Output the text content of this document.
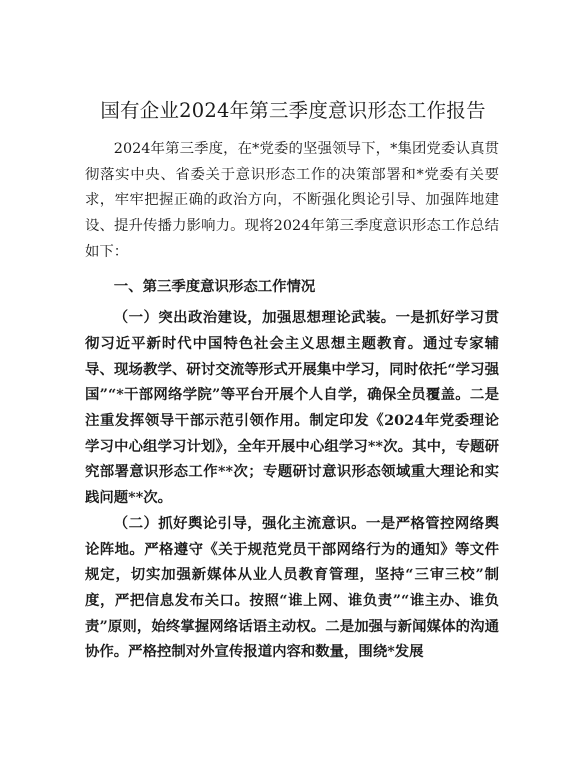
国有企业2024年第三季度意识形态工作报告

2024年第三季度，在*党委的坚强领导下，*集团党委认真贯彻落实中央、省委关于意识形态工作的决策部署和*党委有关要求，牢牢把握正确的政治方向，不断强化舆论引导、加强阵地建设、提升传播力影响力。现将2024年第三季度意识形态工作总结如下：

一、第三季度意识形态工作情况

（一）突出政治建设，加强思想理论武装。一是抓好学习贯彻习近平新时代中国特色社会主义思想主题教育。通过专家辅导、现场教学、研讨交流等形式开展集中学习，同时依托“学习强国”“*干部网络学院”等平台开展个人自学，确保全员覆盖。二是注重发挥领导干部示范引领作用。制定印发《2024年党委理论学习中心组学习计划》，全年开展中心组学习**次。其中，专题研究部署意识形态工作**次；专题研讨意识形态领域重大理论和实践问题**次。

（二）抓好舆论引导，强化主流意识。一是严格管控网络舆论阵地。严格遵守《关于规范党员干部网络行为的通知》等文件规定，切实加强新媒体从业人员教育管理，坚持“三审三校”制度，严把信息发布关口。按照“谁上网、谁负责”“谁主办、谁负责”原则，始终掌握网络话语主动权。二是加强与新闻媒体的沟通协作。严格控制对外宣传报道内容和数量，围绕*发展
